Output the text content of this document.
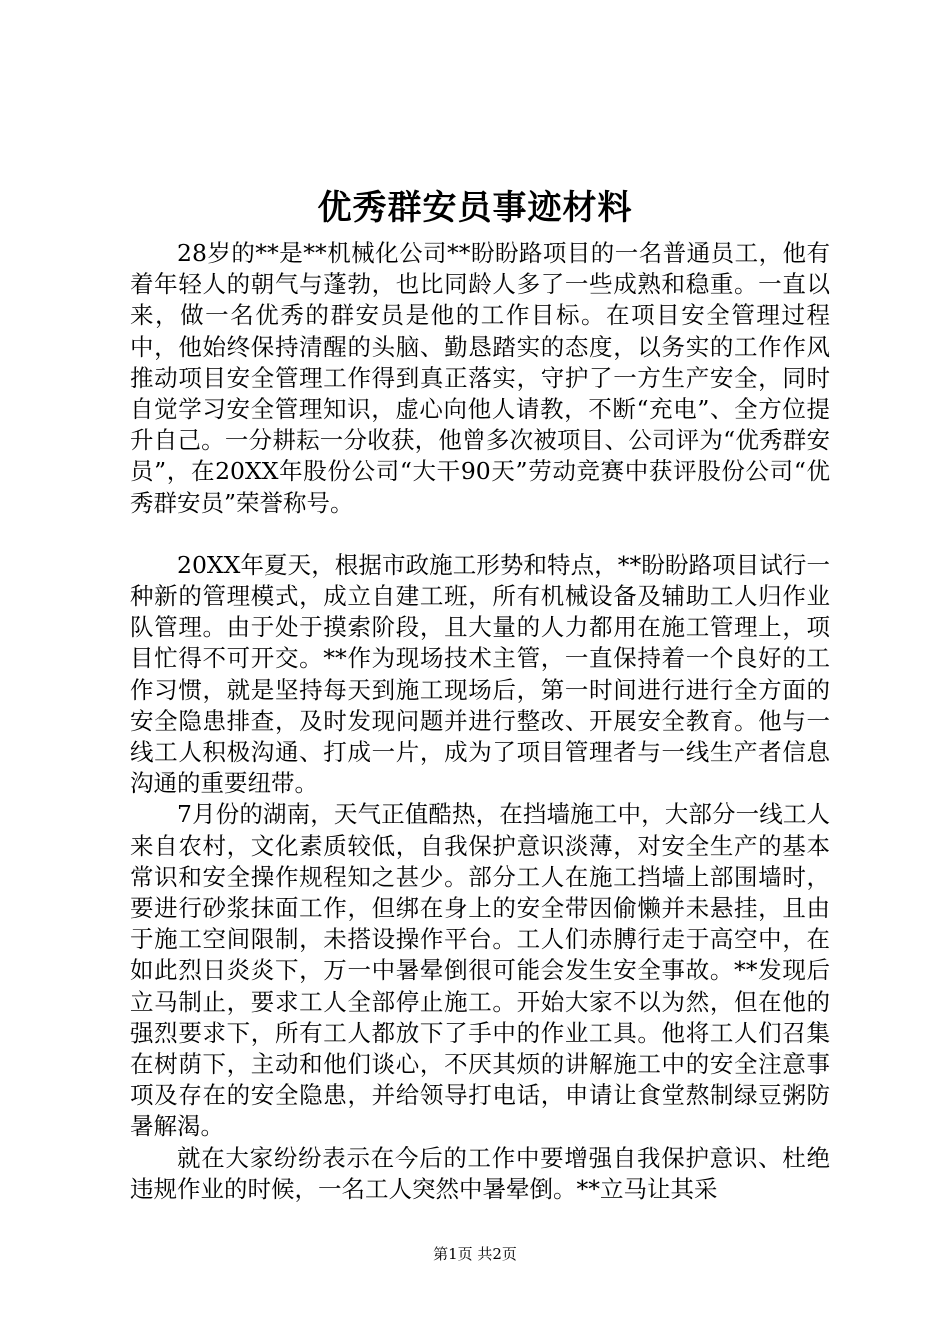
优秀群安员事迹材料

28岁的**是**机械化公司**盼盼路项目的一名普通员工，他有着年轻人的朝气与蓬勃，也比同龄人多了一些成熟和稳重。一直以来，做一名优秀的群安员是他的工作目标。在项目安全管理过程中，他始终保持清醒的头脑、勤恳踏实的态度，以务实的工作作风推动项目安全管理工作得到真正落实，守护了一方生产安全，同时自觉学习安全管理知识，虚心向他人请教，不断“充电”、全方位提升自己。一分耕耘一分收获，他曾多次被项目、公司评为“优秀群安员”，在20XX年股份公司“大干90天”劳动竞赛中获评股份公司“优秀群安员”荣誉称号。

20XX年夏天，根据市政施工形势和特点，**盼盼路项目试行一种新的管理模式，成立自建工班，所有机械设备及辅助工人归作业队管理。由于处于摸索阶段，且大量的人力都用在施工管理上，项目忙得不可开交。**作为现场技术主管，一直保持着一个良好的工作习惯，就是坚持每天到施工现场后，第一时间进行进行全方面的安全隐患排查，及时发现问题并进行整改、开展安全教育。他与一线工人积极沟通、打成一片，成为了项目管理者与一线生产者信息沟通的重要纽带。

7月份的湖南，天气正值酷热，在挡墙施工中，大部分一线工人来自农村，文化素质较低，自我保护意识淡薄，对安全生产的基本常识和安全操作规程知之甚少。部分工人在施工挡墙上部围墙时，要进行砂浆抹面工作，但绑在身上的安全带因偷懒并未悬挂，且由于施工空间限制，未搭设操作平台。工人们赤膊行走于高空中，在如此烈日炎炎下，万一中暑晕倒很可能会发生安全事故。**发现后立马制止，要求工人全部停止施工。开始大家不以为然，但在他的强烈要求下，所有工人都放下了手中的作业工具。他将工人们召集在树荫下，主动和他们谈心，不厌其烦的讲解施工中的安全注意事项及存在的安全隐患，并给领导打电话，申请让食堂熬制绿豆粥防暑解渴。

就在大家纷纷表示在今后的工作中要增强自我保护意识、杜绝违规作业的时候，一名工人突然中暑晕倒。**立马让其采

第1页 共2页
